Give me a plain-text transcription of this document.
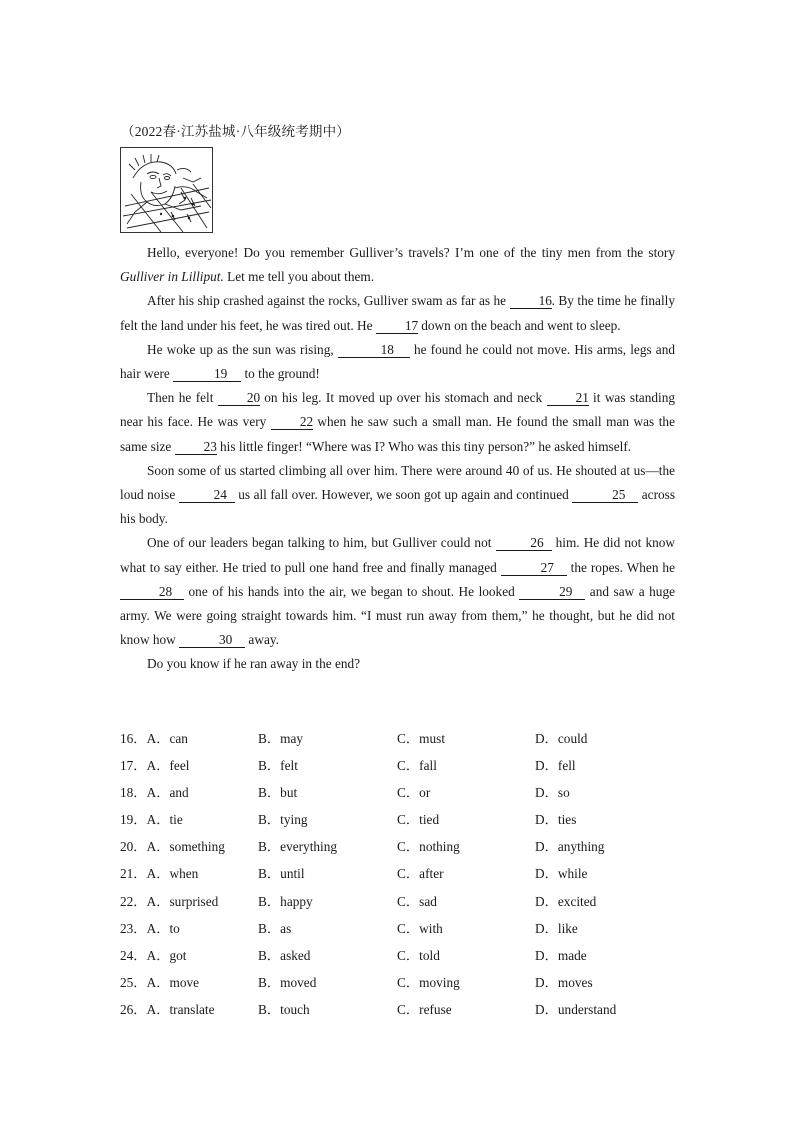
（2022春·江苏盐城·八年级统考期中）

Hello, everyone! Do you remember Gulliver’s travels? I’m one of the tiny men from the story Gulliver in Lilliput. Let me tell you about them.

After his ship crashed against the rocks, Gulliver swam as far as he 16. By the time he finally felt the land under his feet, he was tired out. He 17 down on the beach and went to sleep.

He woke up as the sun was rising,	18 he found he could not move. His arms, legs and hair were	19 to the ground!

Then he felt 20 on his leg. It moved up over his stomach and neck 21 it was standing near his face. He was very 22 when he saw such a small man. He found the small man was the same size 23 his little finger! “Where was I? Who was this tiny person?” he asked himself.

Soon some of us started climbing all over him. There were around 40 of us. He shouted at us—the loud noise	24 us all fall over. However, we soon got up again and continued	25 across his body.

One of our leaders began talking to him, but Gulliver could not	26 him. He did not know what to say either. He tried to pull one hand free and finally managed	27 the ropes. When he 28 one of his hands into the air, we began to shout. He looked	29 and saw a huge army. We were going straight towards him. “I must run away from them,” he thought, but he did not know how	30 away.

Do you know if he ran away in the end?

16．A．can	B．may	C．must	D．could
17．A．feel	B．felt	C．fall	D．fell
18．A．and	B．but	C．or	D．so
19．A．tie	B．tying	C．tied	D．ties
20．A．something B．everything	C．nothing	D．anything
21．A．when	B．until	C．after	D．while
22．A．surprised	B．happy	C．sad	D．excited
23．A．to	B．as	C．with	D．like
24．A．got	B．asked	C．told	D．made
25．A．move	B．moved	C．moving	D．moves
26．A．translate	B．touch	C．refuse	D．understand
